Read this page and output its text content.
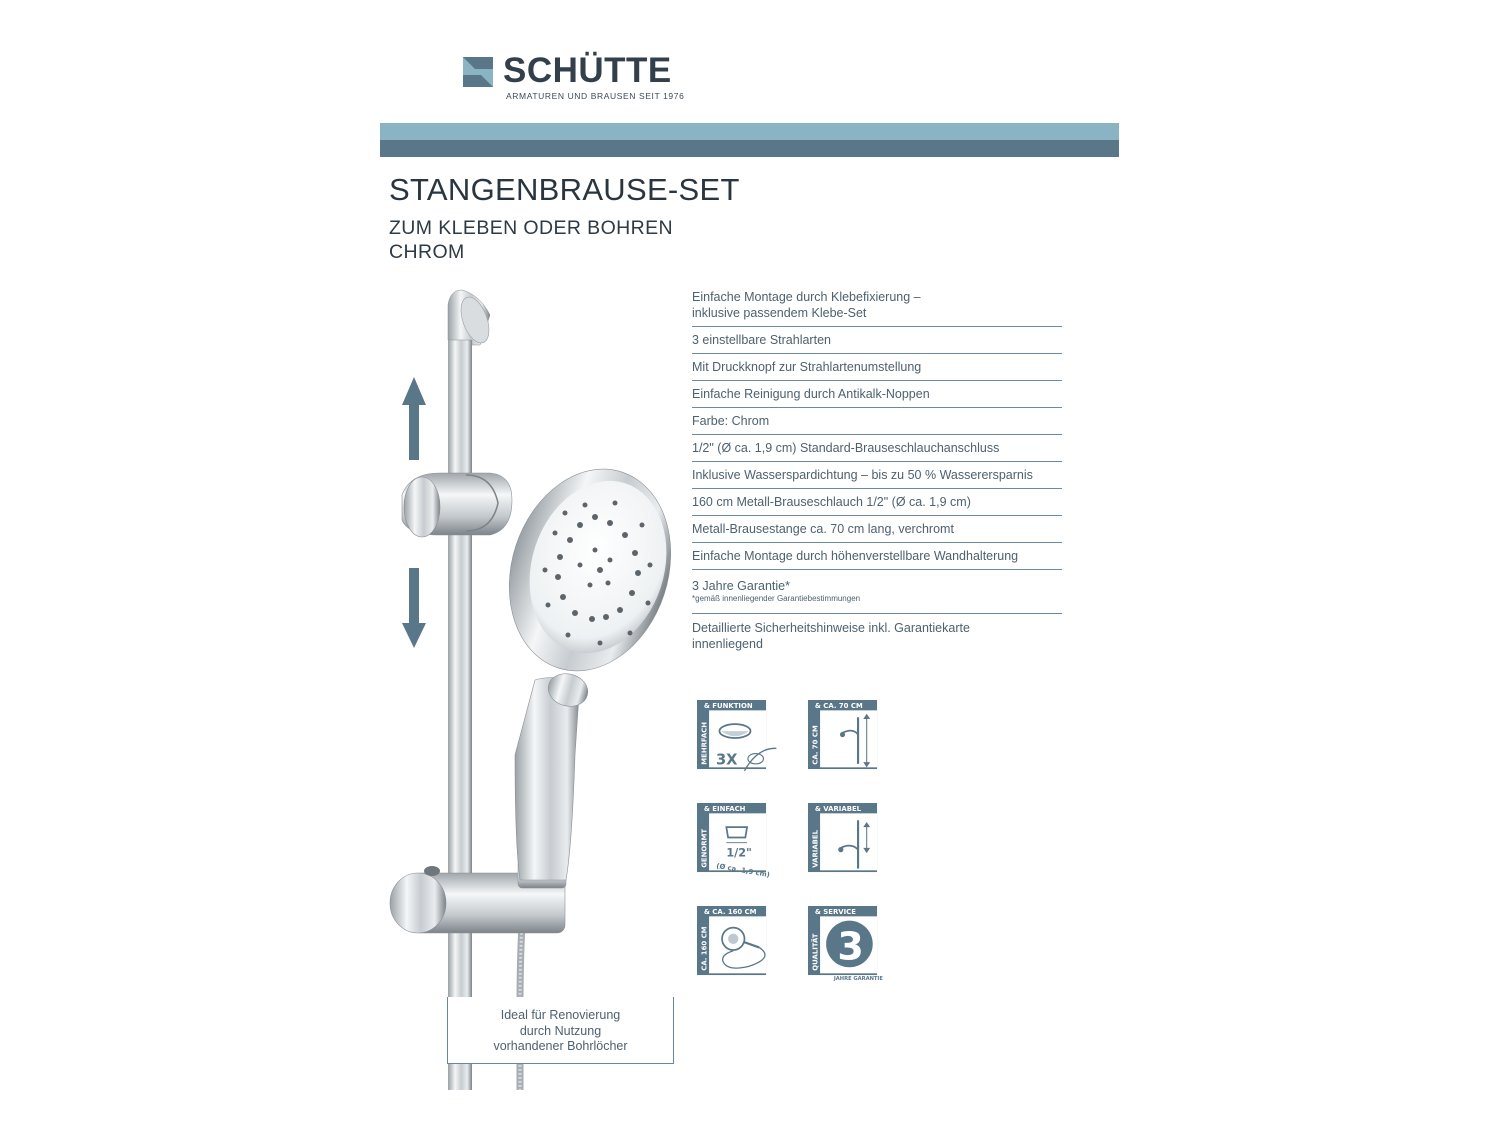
SCHÜTTE
ARMATUREN UND BRAUSEN SEIT 1976
STANGENBRAUSE-SET
ZUM KLEBEN ODER BOHREN
CHROM
Einfache Montage durch Klebefixierung –
inklusive passendem Klebe-Set
3 einstellbare Strahlarten
Mit Druckknopf zur Strahlartenumstellung
Einfache Reinigung durch Antikalk-Noppen
Farbe: Chrom
1/2" (Ø ca. 1,9 cm) Standard-Brauseschlauchanschluss
Inklusive Wasserspardichtung – bis zu 50 % Wasserersparnis
160 cm Metall-Brauseschlauch 1/2" (Ø ca. 1,9 cm)
Metall-Brausestange ca. 70 cm lang, verchromt
Einfache Montage durch höhenverstellbare Wandhalterung
3 Jahre Garantie*
*gemäß innenliegender Garantiebestimmungen
Detaillierte Sicherheitshinweise inkl. Garantiekarte
innenliegend
& FUNKTION
MEHRFACH 3X
& CA. 70 CM
CA. 70 CM
& EINFACH
GENORMT 1/2"
(Ø ca. 1,9 cm)
& VARIABEL
VARIABEL
& CA. 160 CM
CA. 160 CM
& SERVICE
QUALITÄT 3
JAHRE GARANTIE
Ideal für Renovierung
durch Nutzung
vorhandener Bohrlöcher
